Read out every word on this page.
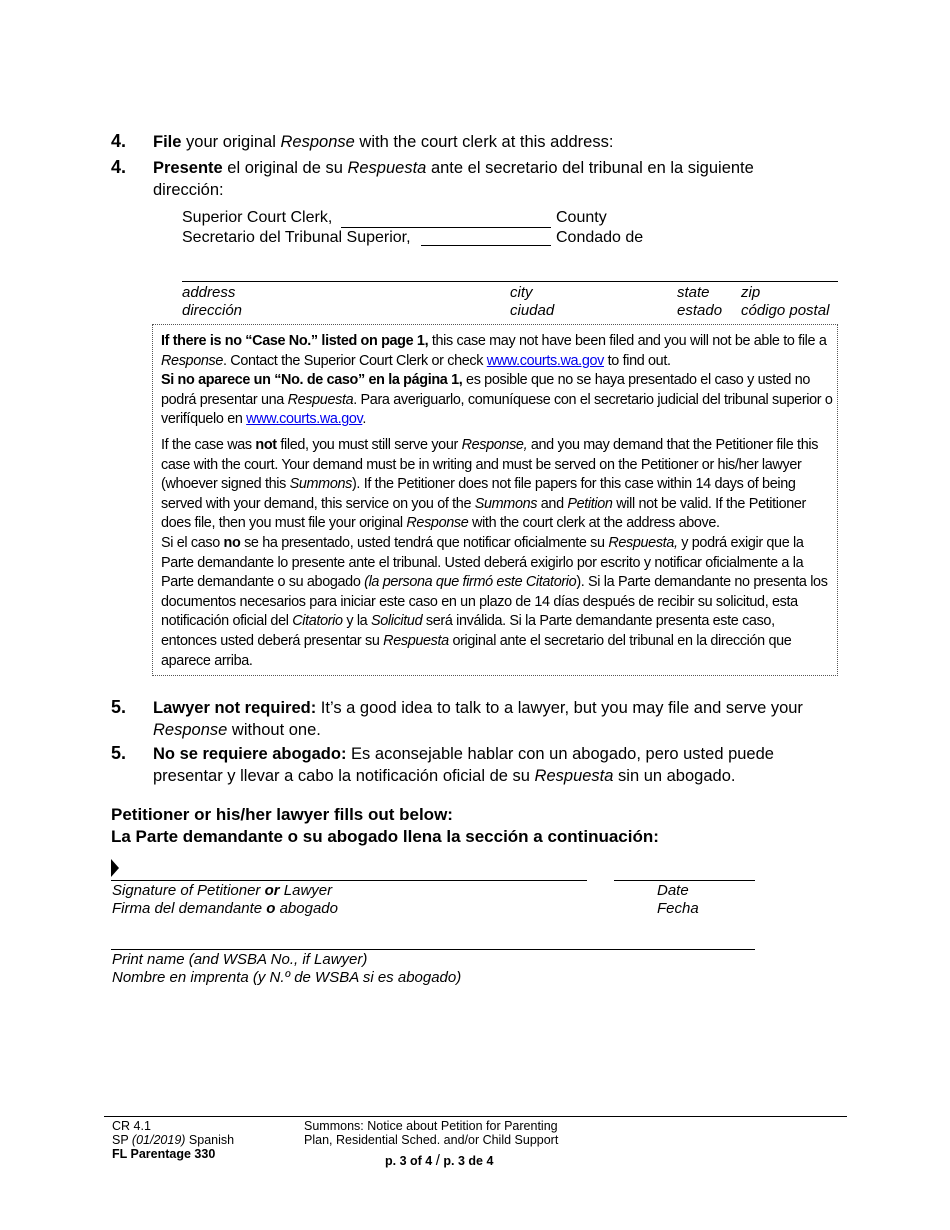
4. File your original Response with the court clerk at this address:
4. Presente el original de su Respuesta ante el secretario del tribunal en la siguiente
dirección:
Superior Court Clerk,	County
Secretario del Tribunal Superior,	Condado de
address
dirección
city
ciudad
state
estado
zip
código postal
If there is no “Case No.” listed on page 1, this case may not have been filed and you will not be able to file a Response. Contact the Superior Court Clerk or check www.courts.wa.gov to find out.
Si no aparece un “No. de caso” en la página 1, es posible que no se haya presentado el caso y usted no podrá presentar una Respuesta. Para averiguarlo, comuníquese con el secretario judicial del tribunal superior o verifíquelo en www.courts.wa.gov.
If the case was not filed, you must still serve your Response, and you may demand that the Petitioner file this case with the court. Your demand must be in writing and must be served on the Petitioner or his/her lawyer (whoever signed this Summons). If the Petitioner does not file papers for this case within 14 days of being served with your demand, this service on you of the Summons and Petition will not be valid. If the Petitioner does file, then you must file your original Response with the court clerk at the address above.
Si el caso no se ha presentado, usted tendrá que notificar oficialmente su Respuesta, y podrá exigir que la Parte demandante lo presente ante el tribunal. Usted deberá exigirlo por escrito y notificar oficialmente a la Parte demandante o su abogado (la persona que firmó este Citatorio). Si la Parte demandante no presenta los documentos necesarios para iniciar este caso en un plazo de 14 días después de recibir su solicitud, esta notificación oficial del Citatorio y la Solicitud será inválida. Si la Parte demandante presenta este caso, entonces usted deberá presentar su Respuesta original ante el secretario del tribunal en la dirección que aparece arriba.
5. Lawyer not required: It’s a good idea to talk to a lawyer, but you may file and serve your Response without one.
5. No se requiere abogado: Es aconsejable hablar con un abogado, pero usted puede presentar y llevar a cabo la notificación oficial de su Respuesta sin un abogado.
Petitioner or his/her lawyer fills out below:
La Parte demandante o su abogado llena la sección a continuación:
Signature of Petitioner or Lawyer
Firma del demandante o abogado
Date
Fecha
Print name (and WSBA No., if Lawyer)
Nombre en imprenta (y N.º de WSBA si es abogado)
CR 4.1
SP (01/2019) Spanish
FL Parentage 330
Summons: Notice about Petition for Parenting
Plan, Residential Sched. and/or Child Support
p. 3 of 4 / p. 3 de 4
